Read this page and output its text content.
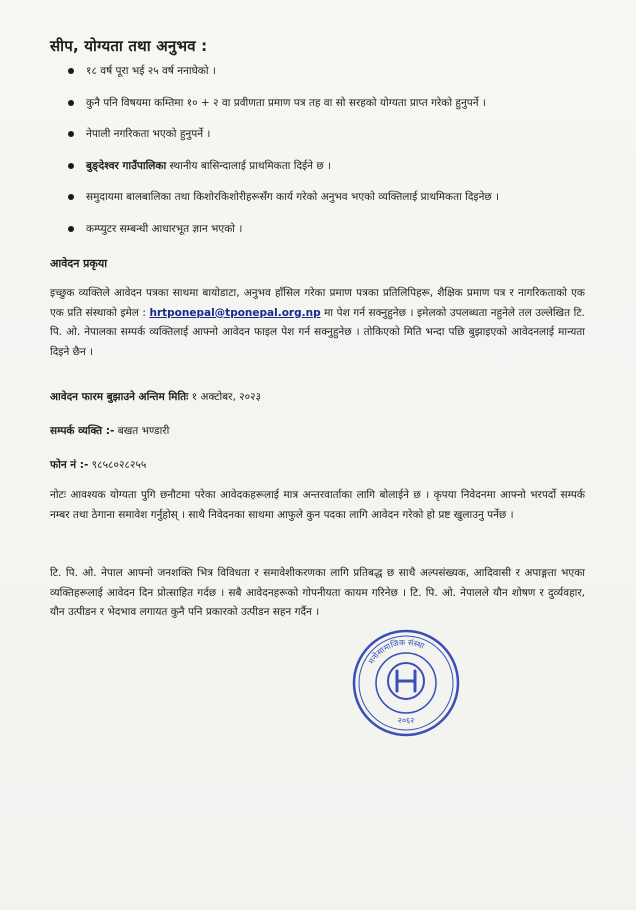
सीप, योग्यता तथा अनुभव :
१८ वर्ष पूरा भई २५ वर्ष ननाघेको ।
कुनै पनि विषयमा कम्तिमा १० + २ वा प्रवीणता प्रमाण पत्र तह वा सो सरहको योग्यता प्राप्त गरेको हुनुपर्ने ।
नेपाली नगरिकता भएको हुनुपर्ने ।
बुङ्देश्वर गाउँपालिका स्थानीय बासिन्दालाई प्राथमिकता दिईने छ ।
समुदायमा बालबालिका तथा किशोरकिशोरीहरूसँग कार्य गरेको अनुभव भएको व्यक्तिलाई प्राथमिकता दिइनेछ ।
कम्प्युटर सम्बन्धी आधारभूत ज्ञान भएको ।
आवेदन प्रकृया
इच्छुक व्यक्तिले आवेदन पत्रका साथमा बायोडाटा, अनुभव हाँसिल गरेका प्रमाण पत्रका प्रतिलिपिहरू, शैक्षिक प्रमाण पत्र र नागरिकताको एक एक प्रति संस्थाको इमेल : hrtponepal@tponepal.org.np मा पेश गर्न सक्नुहुनेछ । इमेलको उपलब्धता नहुनेले तल उल्लेखित टि. पि. ओ. नेपालका सम्पर्क व्यक्तिलाई आफ्नो आवेदन फाइल पेश गर्न सक्नुहुनेछ । तोकिएको मिति भन्दा पछि बुझाइएको आवेदनलाई मान्यता दिइने छैन ।
आवेदन फारम बुझाउने अन्तिम मितिः १ अक्टोबर, २०२३
सम्पर्क व्यक्ति :- बखत भण्डारी
फोन नं :- ९८५८०२८२५५
नोटः आवश्यक योग्यता पुगि छनौटमा परेका आवेदकहरूलाई मात्र अन्तरवार्ताका लागि बोलाईने छ । कृपया निवेदनमा आफ्नो भरपर्दो सम्पर्क नम्बर तथा ठेगाना समावेश गर्नुहोस् । साथै निवेदनका साथमा आफुले कुन पदका लागि आवेदन गरेको हो प्रष्ट खुलाउनु पर्नेछ ।
टि. पि. ओ. नेपाल आफ्नो जनशक्ति भित्र विविधता र समावेशीकरणका लागि प्रतिबद्ध छ साथै अल्पसंख्यक, आदिवासी र अपाङ्गता भएका व्यक्तिहरूलाई आवेदन दिन प्रोत्साहित गर्दछ । सबै आवेदनहरूको गोपनीयता कायम गरिनेछ । टि. पि. ओ. नेपालले यौन शोषण र दुर्व्यवहार, यौन उत्पीडन र भेदभाव लगायत कुनै पनि प्रकारको उत्पीडन सहन गर्दैन ।
मनोसामाजिक संस्था
२०६२
